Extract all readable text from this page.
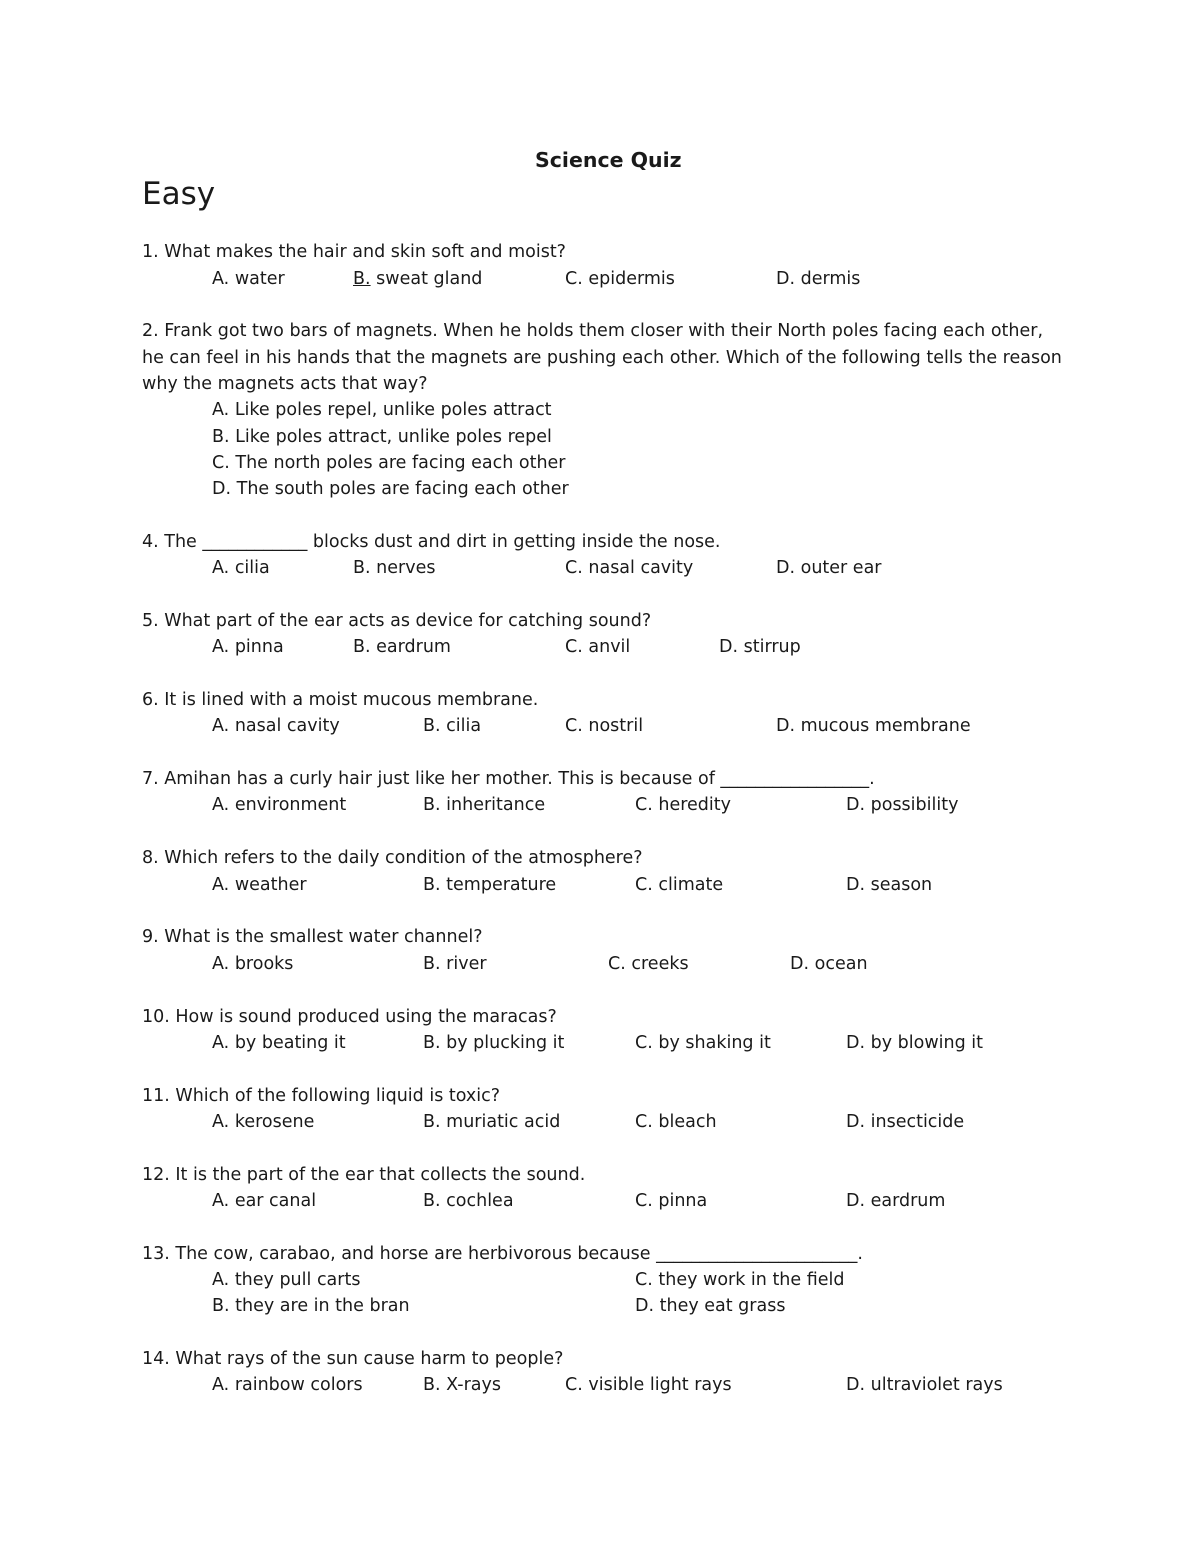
Science Quiz
Easy
1. What makes the hair and skin soft and moist?
A. water	B. sweat gland	C. epidermis	D. dermis
2. Frank got two bars of magnets. When he holds them closer with their North poles facing each other,
he can feel in his hands that the magnets are pushing each other. Which of the following tells the reason
why the magnets acts that way?
A. Like poles repel, unlike poles attract
B. Like poles attract, unlike poles repel
C. The north poles are facing each other
D. The south poles are facing each other
4. The ____________ blocks dust and dirt in getting inside the nose.
A. cilia	B. nerves	C. nasal cavity	D. outer ear
5. What part of the ear acts as device for catching sound?
A. pinna	B. eardrum	C. anvil	D. stirrup
6. It is lined with a moist mucous membrane.
A. nasal cavity	B. cilia	C. nostril	D. mucous membrane
7. Amihan has a curly hair just like her mother. This is because of _________________.
A. environment	B. inheritance	C. heredity	D. possibility
8. Which refers to the daily condition of the atmosphere?
A. weather	B. temperature	C. climate	D. season
9. What is the smallest water channel?
A. brooks	B. river	C. creeks	D. ocean
10. How is sound produced using the maracas?
A. by beating it	B. by plucking it	C. by shaking it	D. by blowing it
11. Which of the following liquid is toxic?
A. kerosene	B. muriatic acid	C. bleach	D. insecticide
12. It is the part of the ear that collects the sound.
A. ear canal	B. cochlea	C. pinna	D. eardrum
13. The cow, carabao, and horse are herbivorous because _______________________.
A. they pull carts	C. they work in the field
B. they are in the bran	D. they eat grass
14. What rays of the sun cause harm to people?
A. rainbow colors	B. X-rays	C. visible light rays	D. ultraviolet rays
